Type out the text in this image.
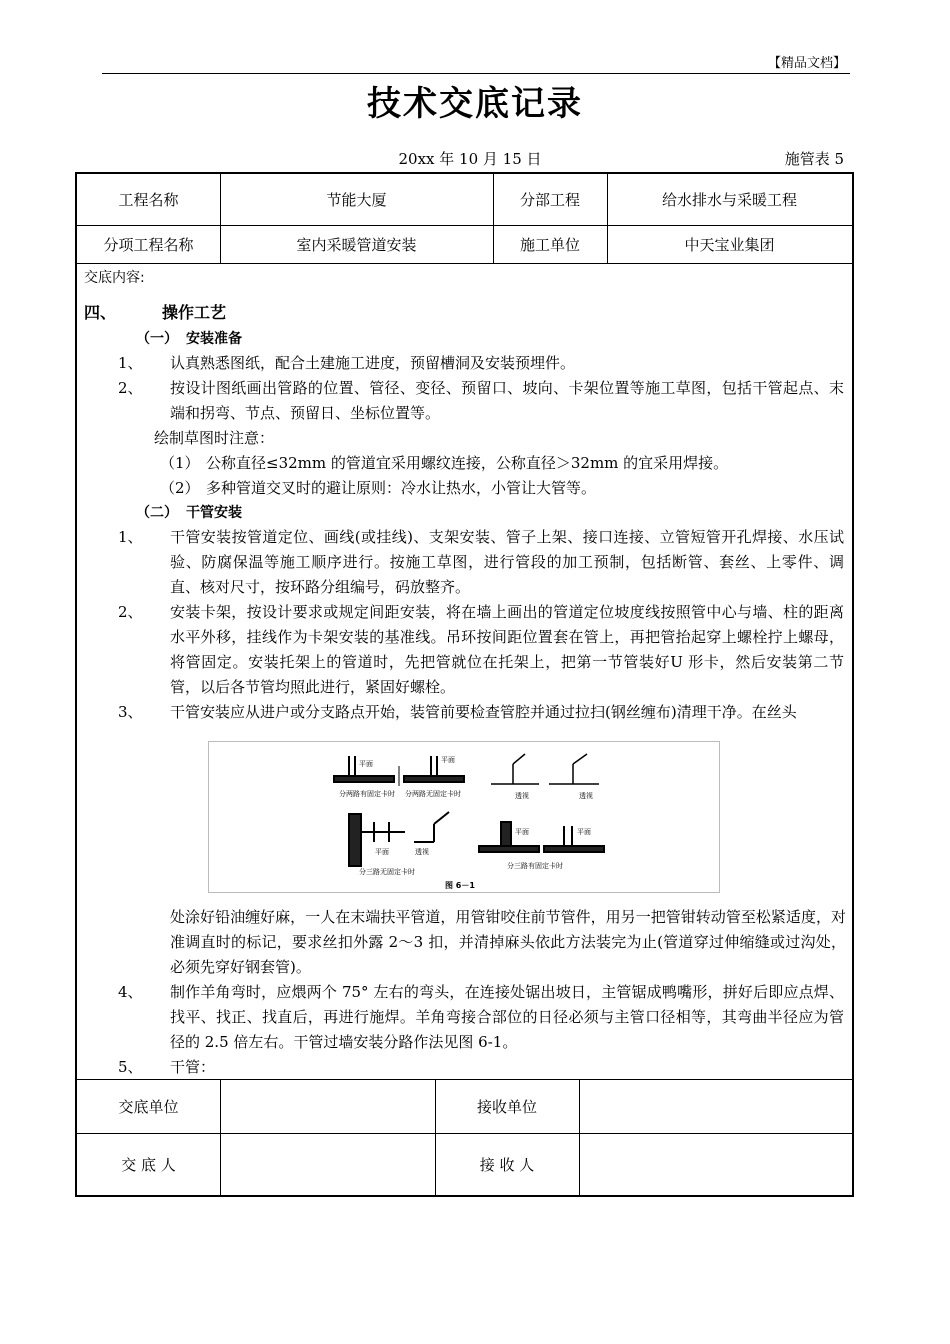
【精品文档】
技术交底记录
20xx 年 10 月 15 日	施管表 5
工程名称	节能大厦	分部工程	给水排水与采暖工程
分项工程名称	室内采暖管道安装	施工单位	中天宝业集团
交底单位	接收单位
交 底 人	接 收 人
交底内容:
四、	操作工艺
（一） 安装准备
1、 认真熟悉图纸，配合土建施工进度，预留槽洞及安装预埋件。
2、 按设计图纸画出管路的位置、管径、变径、预留口、坡向、卡架位置等施工草图，包括干管起点、末端和拐弯、节点、预留日、坐标位置等。
绘制草图时注意：
（1） 公称直径≤32mm 的管道宜采用螺纹连接，公称直径＞32mm 的宜采用焊接。
（2） 多种管道交叉时的避让原则：冷水让热水，小管让大管等。
（二） 干管安装
1、 干管安装按管道定位、画线(或挂线)、支架安装、管子上架、接口连接、立管短管开孔焊接、水压试验、防腐保温等施工顺序进行。按施工草图，进行管段的加工预制，包括断管、套丝、上零件、调直、核对尺寸，按环路分组编号，码放整齐。
2、 安装卡架，按设计要求或规定间距安装，将在墙上画出的管道定位坡度线按照管中心与墙、柱的距离水平外移，挂线作为卡架安装的基准线。吊环按间距位置套在管上，再把管抬起穿上螺栓拧上螺母，将管固定。安装托架上的管道时，先把管就位在托架上，把第一节管装好U 形卡，然后安装第二节管，以后各节管均照此进行，紧固好螺栓。
3、 干管安装应从进户或分支路点开始，装管前要检查管腔并通过拉扫(钢丝缠布)清理干净。在丝头
平面	平面
分两路有固定卡时 分两路无固定卡时	透视	透视
平面	透视
分三路无固定卡时
平面	平面
分三路有固定卡时
图 6－1
处涂好铅油缠好麻，一人在末端扶平管道，用管钳咬住前节管件，用另一把管钳转动管至松紧适度，对准调直时的标记，要求丝扣外露 2～3 扣，并清掉麻头依此方法装完为止(管道穿过伸缩缝或过沟处，必须先穿好钢套管)。
4、 制作羊角弯时，应煨两个 75° 左右的弯头，在连接处锯出坡日，主管锯成鸭嘴形，拼好后即应点焊、找平、找正、找直后，再进行施焊。羊角弯接合部位的日径必须与主管口径相等，其弯曲半径应为管径的 2.5 倍左右。干管过墙安装分路作法见图 6-1。
5、 干管：
